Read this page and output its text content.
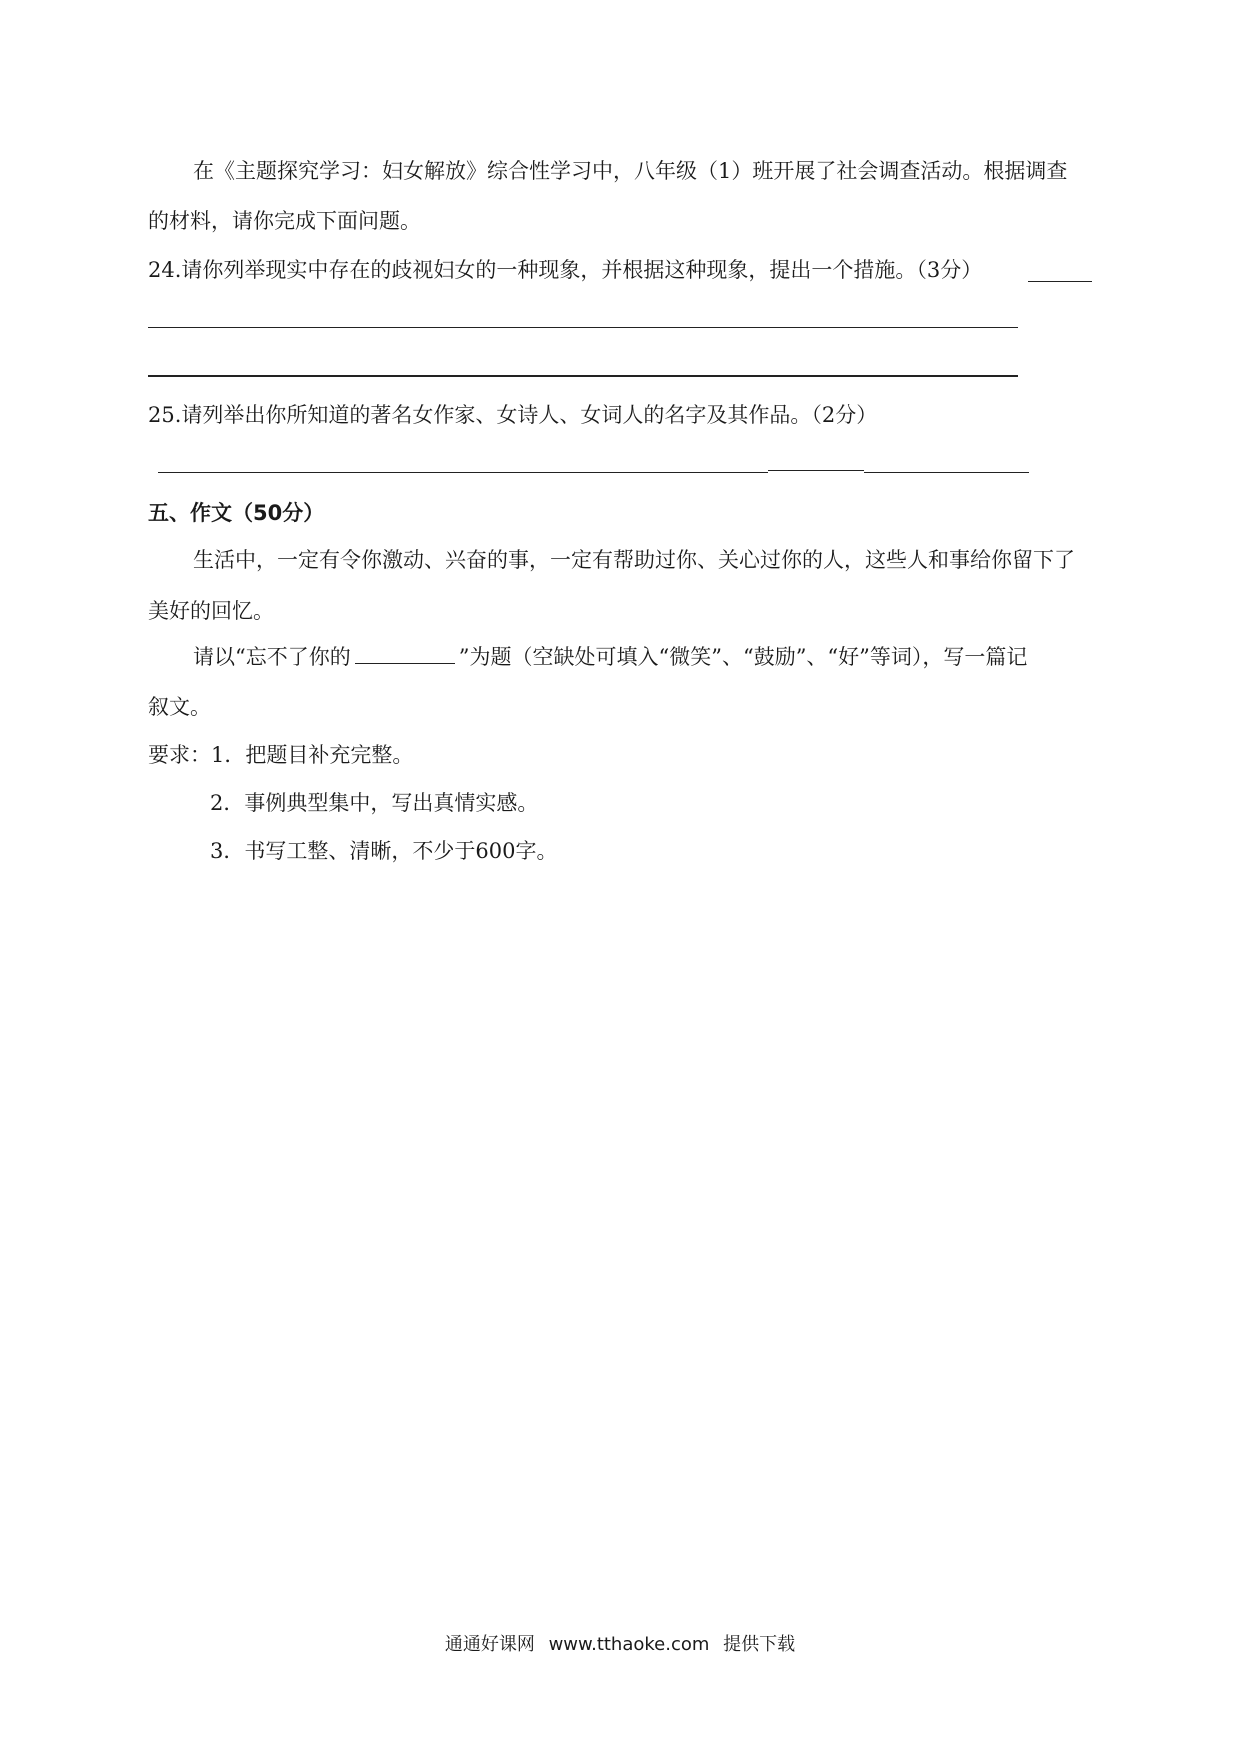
在《主题探究学习：妇女解放》综合性学习中，八年级（1）班开展了社会调查活动。根据调查
的材料，请你完成下面问题。
24.请你列举现实中存在的歧视妇女的一种现象，并根据这种现象，提出一个措施。（3分）
25.请列举出你所知道的著名女作家、女诗人、女词人的名字及其作品。（2分）
五、作文（50分）
生活中，一定有令你激动、兴奋的事，一定有帮助过你、关心过你的人，这些人和事给你留下了
美好的回忆。
请以“忘不了你的	”为题（空缺处可填入“微笑”、“鼓励”、“好”等词），写一篇记
叙文。
要求：1．把题目补充完整。
2．事例典型集中，写出真情实感。
3．书写工整、清晰，不少于600字。
通通好课网 www.tthaoke.com 提供下载
